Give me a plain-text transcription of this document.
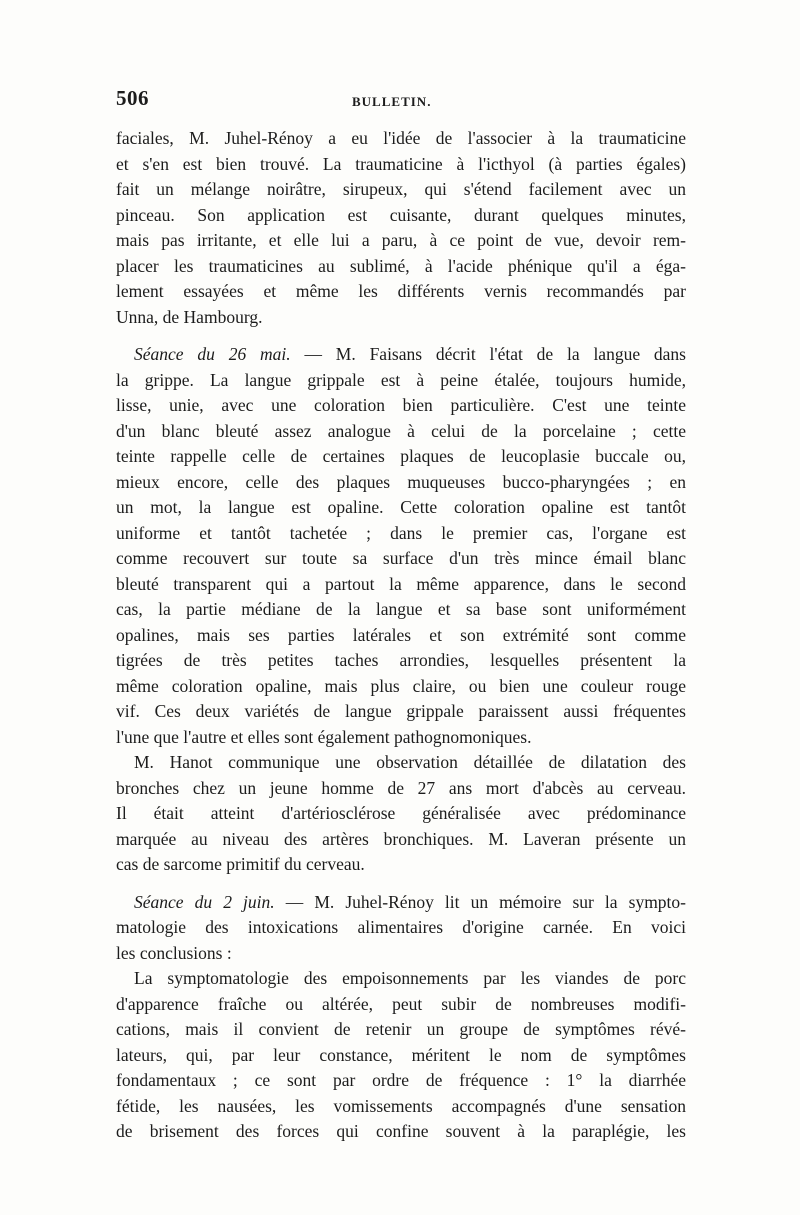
506	BULLETIN.
faciales, M. Juhel-Rénoy a eu l'idée de l'associer à la traumaticine
et s'en est bien trouvé. La traumaticine à l'icthyol (à parties égales)
fait un mélange noirâtre, sirupeux, qui s'étend facilement avec un
pinceau. Son application est cuisante, durant quelques minutes,
mais pas irritante, et elle lui a paru, à ce point de vue, devoir rem-
placer les traumaticines au sublimé, à l'acide phénique qu'il a éga-
lement essayées et même les différents vernis recommandés par
Unna, de Hambourg.
Séance du 26 mai. — M. Faisans décrit l'état de la langue dans
la grippe. La langue grippale est à peine étalée, toujours humide,
lisse, unie, avec une coloration bien particulière. C'est une teinte
d'un blanc bleuté assez analogue à celui de la porcelaine ; cette
teinte rappelle celle de certaines plaques de leucoplasie buccale ou,
mieux encore, celle des plaques muqueuses bucco-pharyngées ; en
un mot, la langue est opaline. Cette coloration opaline est tantôt
uniforme et tantôt tachetée ; dans le premier cas, l'organe est
comme recouvert sur toute sa surface d'un très mince émail blanc
bleuté transparent qui a partout la même apparence, dans le second
cas, la partie médiane de la langue et sa base sont uniformément
opalines, mais ses parties latérales et son extrémité sont comme
tigrées de très petites taches arrondies, lesquelles présentent la
même coloration opaline, mais plus claire, ou bien une couleur rouge
vif. Ces deux variétés de langue grippale paraissent aussi fréquentes
l'une que l'autre et elles sont également pathognomoniques.
M. Hanot communique une observation détaillée de dilatation des
bronches chez un jeune homme de 27 ans mort d'abcès au cerveau.
Il était atteint d'artériosclérose généralisée avec prédominance
marquée au niveau des artères bronchiques. M. Laveran présente un
cas de sarcome primitif du cerveau.
Séance du 2 juin. — M. Juhel-Rénoy lit un mémoire sur la sympto-
matologie des intoxications alimentaires d'origine carnée. En voici
les conclusions :
La symptomatologie des empoisonnements par les viandes de porc
d'apparence fraîche ou altérée, peut subir de nombreuses modifi-
cations, mais il convient de retenir un groupe de symptômes révé-
lateurs, qui, par leur constance, méritent le nom de symptômes
fondamentaux ; ce sont par ordre de fréquence : 1° la diarrhée
fétide, les nausées, les vomissements accompagnés d'une sensation
de brisement des forces qui confine souvent à la paraplégie, les
